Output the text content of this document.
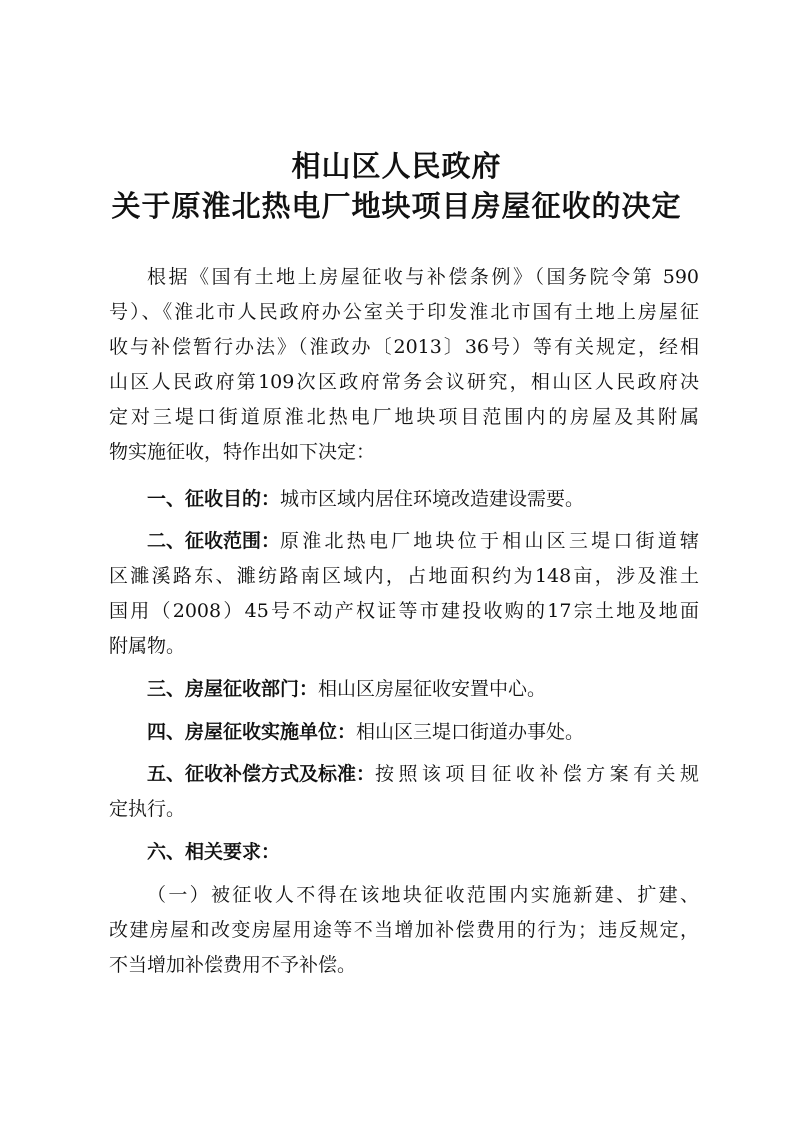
相山区人民政府
关于原淮北热电厂地块项目房屋征收的决定
根据《国有土地上房屋征收与补偿条例》（国务院令第 590
号）、《淮北市人民政府办公室关于印发淮北市国有土地上房屋征
收与补偿暂行办法》（淮政办〔2013〕36号）等有关规定，经相
山区人民政府第109次区政府常务会议研究，相山区人民政府决
定对三堤口街道原淮北热电厂地块项目范围内的房屋及其附属
物实施征收，特作出如下决定：
一、征收目的：城市区域内居住环境改造建设需要。
二、征收范围： 原淮北热电厂地块位于相山区三堤口街道辖
区濉溪路东、濉纺路南区域内，占地面积约为148亩，涉及淮土
国用（2008）45号不动产权证等市建投收购的17宗土地及地面
附属物。
三、房屋征收部门：相山区房屋征收安置中心。
四、房屋征收实施单位：相山区三堤口街道办事处。
五、征收补偿方式及标准： 按照该项目征收补偿方案有关规
定执行。
六、相关要求：
（一）被征收人不得在该地块征收范围内实施新建、扩建、
改建房屋和改变房屋用途等不当增加补偿费用的行为；违反规定，
不当增加补偿费用不予补偿。
